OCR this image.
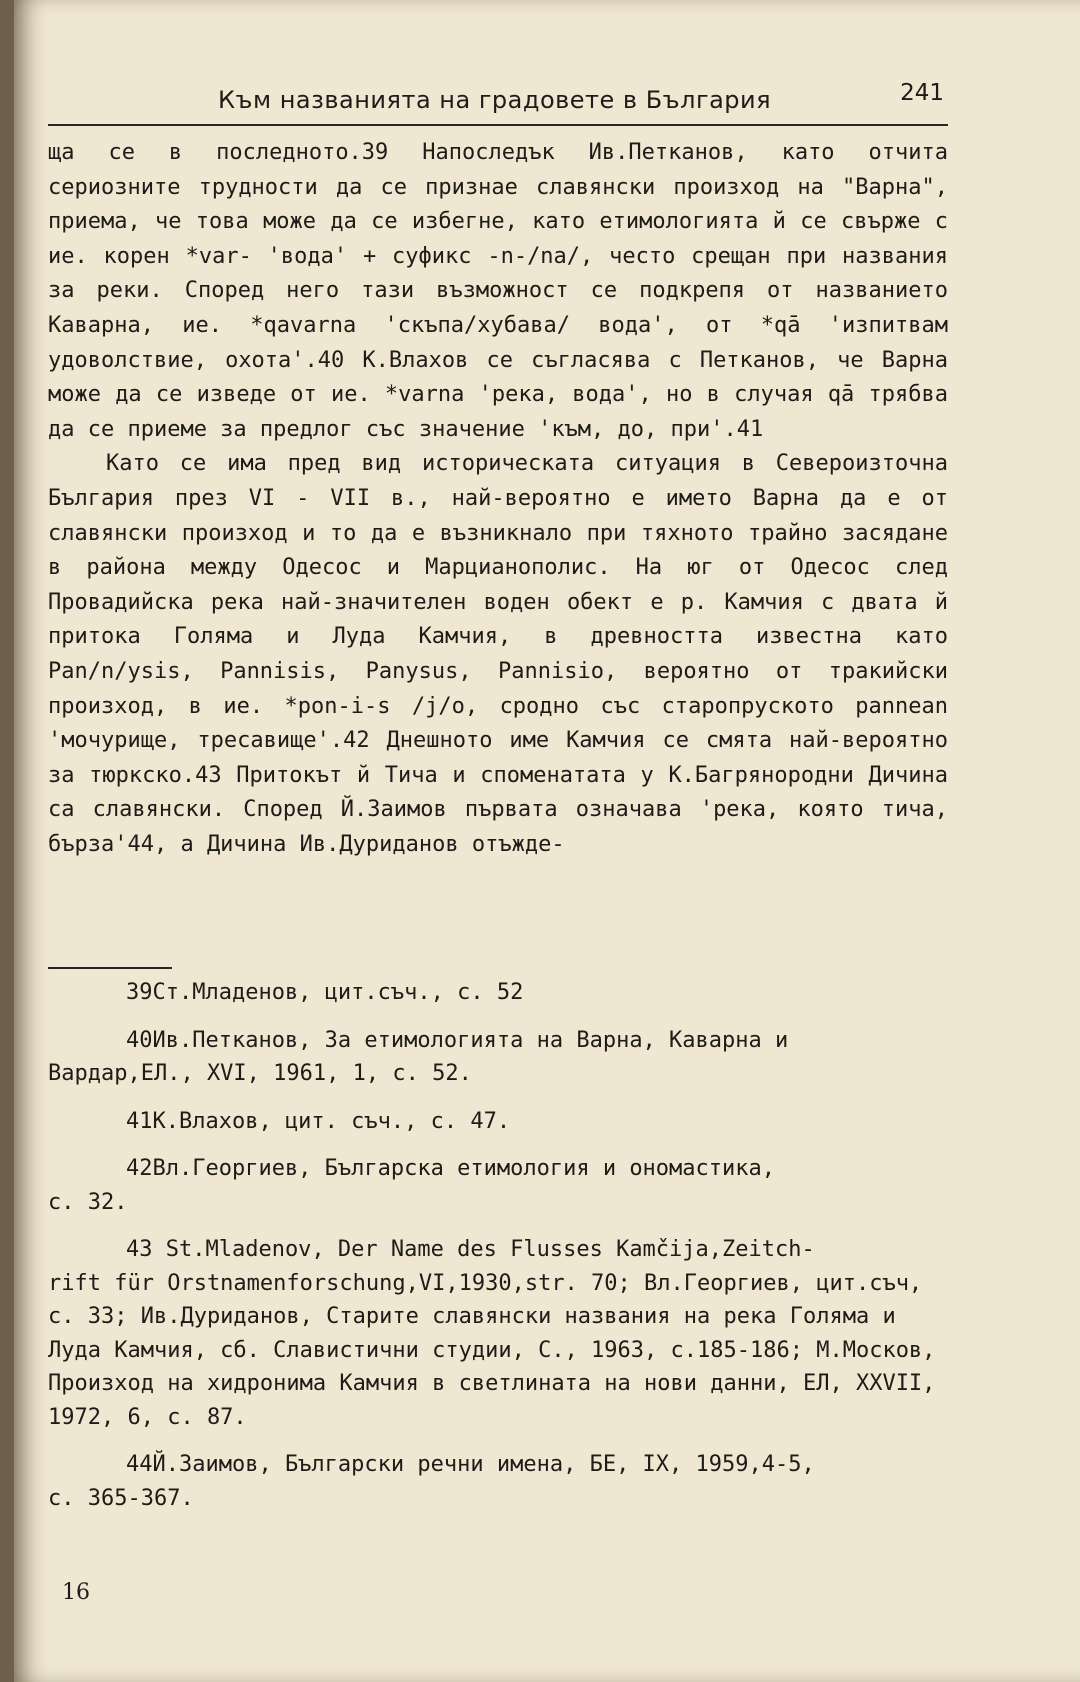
Към названията на градовете в България	241

ща се в последното.39 Напоследък Ив.Петканов, като отчита сериозните трудности да се признае славянски произход на "Варна", приема, че това може да се избегне, като етимологията й се свърже с ие. корен *var- 'вода' + суфикс -n-/na/, често срещан при названия за реки. Според него тази възможност се подкрепя от названието Каварна, ие. *qavarna 'скъпа/хубава/ вода', от *qā 'изпитвам удоволствие, охота'.40 К.Влахов се съгласява с Петканов, че Варна може да се изведе от ие. *varna 'река, вода', но в случая qā трябва да се приеме за предлог със значение 'към, до, при'.41

Като се има пред вид историческата ситуация в Североизточна България през VI - VII в., най-вероятно е името Варна да е от славянски произход и то да е възникнало при тяхното трайно засядане в района между Одесос и Марцианополис. На юг от Одесос след Провадийска река най-значителен воден обект е р. Камчия с двата й притока Голяма и Луда Камчия, в древността известна като Pan/n/ysis, Pannisis, Panysus, Pannisio, вероятно от тракийски произход, в ие. *pon-i-s /j/o, сродно със старопруското pannean 'мочурище, тресавище'.42 Днешното име Камчия се смята най-вероятно за тюркско.43 Притокът й Тича и споменатата у К.Багрянородни Дичина са славянски. Според Й.Заимов първата означава 'река, която тича, бърза'44, а Дичина Ив.Дуриданов отъжде-

39Ст.Младенов, цит.съч., с. 52

40Ив.Петканов, За етимологията на Варна, Каварна и
Вардар,ЕЛ., XVI, 1961, 1, с. 52.

41К.Влахов, цит. съч., с. 47.

42Вл.Георгиев, Българска етимология и ономастика,
с. 32.

43 St.Mladenov, Der Name des Flusses Kamčija,Zeitch-
rift für Orstnamenforschung,VI,1930,str. 70; Вл.Георгиев, цит.съч, с. 33; Ив.Дуриданов, Старите славянски названия на река Голяма и Луда Камчия, сб. Славистични студии, С., 1963, с.185-186; М.Москов, Произход на хидронима Камчия в светлината на нови данни, ЕЛ, XXVII, 1972, 6, с. 87.

44Й.Заимов, Български речни имена, БЕ, IX, 1959,4-5,
с. 365-367.

16
